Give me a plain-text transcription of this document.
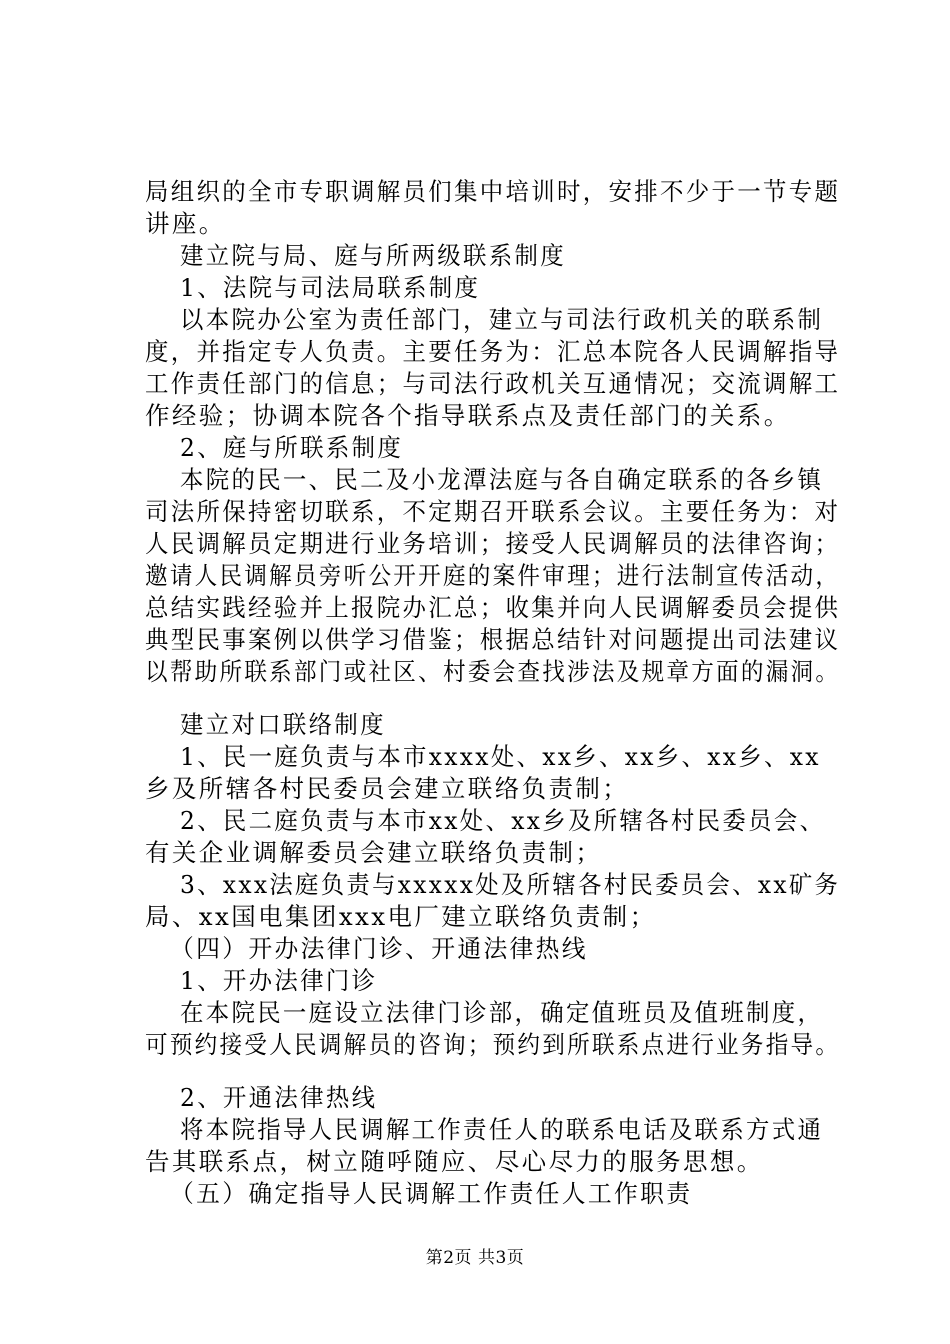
局组织的全市专职调解员们集中培训时，安排不少于一节专题
讲座。
建立院与局、庭与所两级联系制度
1、法院与司法局联系制度
以本院办公室为责任部门，建立与司法行政机关的联系制
度，并指定专人负责。主要任务为：汇总本院各人民调解指导
工作责任部门的信息；与司法行政机关互通情况；交流调解工
作经验；协调本院各个指导联系点及责任部门的关系。
2、庭与所联系制度
本院的民一、民二及小龙潭法庭与各自确定联系的各乡镇
司法所保持密切联系，不定期召开联系会议。主要任务为：对
人民调解员定期进行业务培训；接受人民调解员的法律咨询；
邀请人民调解员旁听公开开庭的案件审理；进行法制宣传活动，
总结实践经验并上报院办汇总；收集并向人民调解委员会提供
典型民事案例以供学习借鉴；根据总结针对问题提出司法建议
以帮助所联系部门或社区、村委会查找涉法及规章方面的漏洞。
建立对口联络制度
1、民一庭负责与本市xxxx处、xx乡、xx乡、xx乡、xx
乡及所辖各村民委员会建立联络负责制；
2、民二庭负责与本市xx处、xx乡及所辖各村民委员会、
有关企业调解委员会建立联络负责制；
3、xxx法庭负责与xxxxx处及所辖各村民委员会、xx矿务
局、xx国电集团xxx电厂建立联络负责制；
（四）开办法律门诊、开通法律热线
1、开办法律门诊
在本院民一庭设立法律门诊部，确定值班员及值班制度，
可预约接受人民调解员的咨询；预约到所联系点进行业务指导。
2、开通法律热线
将本院指导人民调解工作责任人的联系电话及联系方式通
告其联系点，树立随呼随应、尽心尽力的服务思想。
（五）确定指导人民调解工作责任人工作职责
第2页 共3页
